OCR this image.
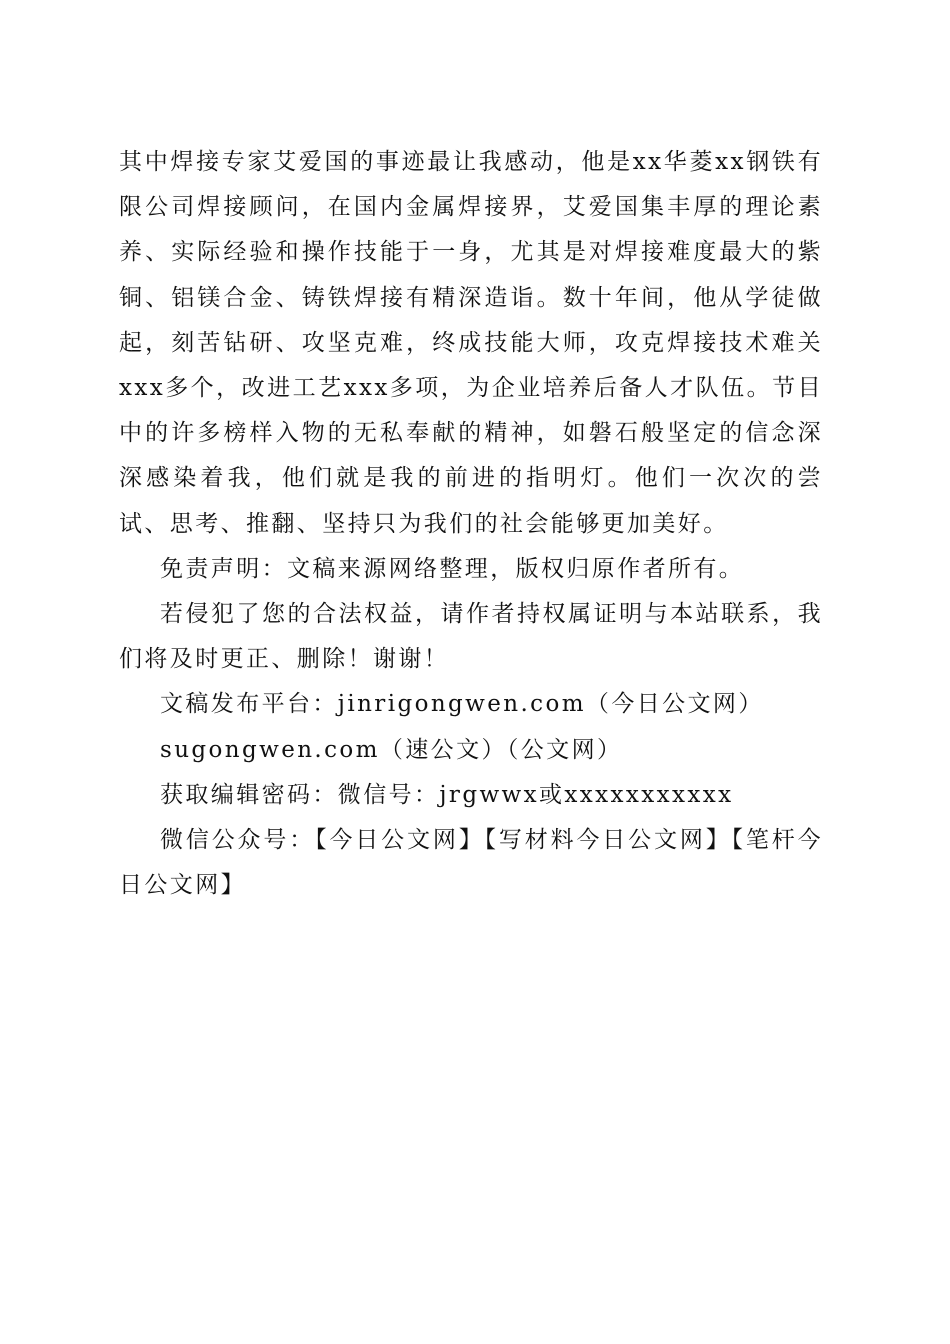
其中焊接专家艾爱国的事迹最让我感动，他是xx华菱xx钢铁有限公司焊接顾问，在国内金属焊接界，艾爱国集丰厚的理论素养、实际经验和操作技能于一身，尤其是对焊接难度最大的紫铜、铝镁合金、铸铁焊接有精深造诣。数十年间，他从学徒做起，刻苦钻研、攻坚克难，终成技能大师，攻克焊接技术难关xxx多个，改进工艺xxx多项，为企业培养后备人才队伍。节目中的许多榜样入物的无私奉献的精神，如磐石般坚定的信念深深感染着我，他们就是我的前进的指明灯。他们一次次的尝试、思考、推翻、坚持只为我们的社会能够更加美好。

免责声明：文稿来源网络整理，版权归原作者所有。

若侵犯了您的合法权益，请作者持权属证明与本站联系，我们将及时更正、删除！谢谢！

文稿发布平台：jinrigongwen.com（今日公文网）

sugongwen.com（速公文）（公文网）

获取编辑密码：微信号：jrgwwx或xxxxxxxxxxx

微信公众号：【今日公文网】【写材料今日公文网】【笔杆今日公文网】
